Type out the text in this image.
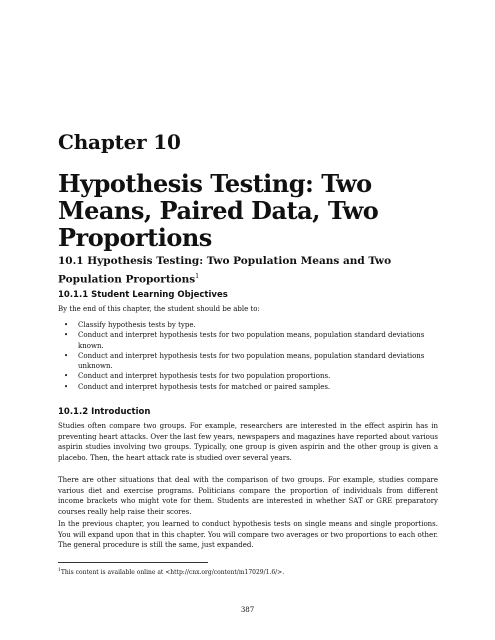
Chapter 10
Hypothesis Testing: Two Means, Paired Data, Two Proportions
10.1 Hypothesis Testing: Two Population Means and Two Population Proportions$^1$
10.1.1 Student Learning Objectives
By the end of this chapter, the student should be able to:
• Classify hypothesis tests by type.
• Conduct and interpret hypothesis tests for two population means, population standard deviations known.
• Conduct and interpret hypothesis tests for two population means, population standard deviations unknown.
• Conduct and interpret hypothesis tests for two population proportions.
• Conduct and interpret hypothesis tests for matched or paired samples.
10.1.2 Introduction
Studies often compare two groups. For example, researchers are interested in the effect aspirin has in preventing heart attacks. Over the last few years, newspapers and magazines have reported about various aspirin studies involving two groups. Typically, one group is given aspirin and the other group is given a placebo. Then, the heart attack rate is studied over several years.
There are other situations that deal with the comparison of two groups. For example, studies compare various diet and exercise programs. Politicians compare the proportion of individuals from different income brackets who might vote for them. Students are interested in whether SAT or GRE preparatory courses really help raise their scores.
In the previous chapter, you learned to conduct hypothesis tests on single means and single proportions. You will expand upon that in this chapter. You will compare two averages or two proportions to each other. The general procedure is still the same, just expanded.
$^1$This content is available online at <http://cnx.org/content/m17029/1.6/>.
387
